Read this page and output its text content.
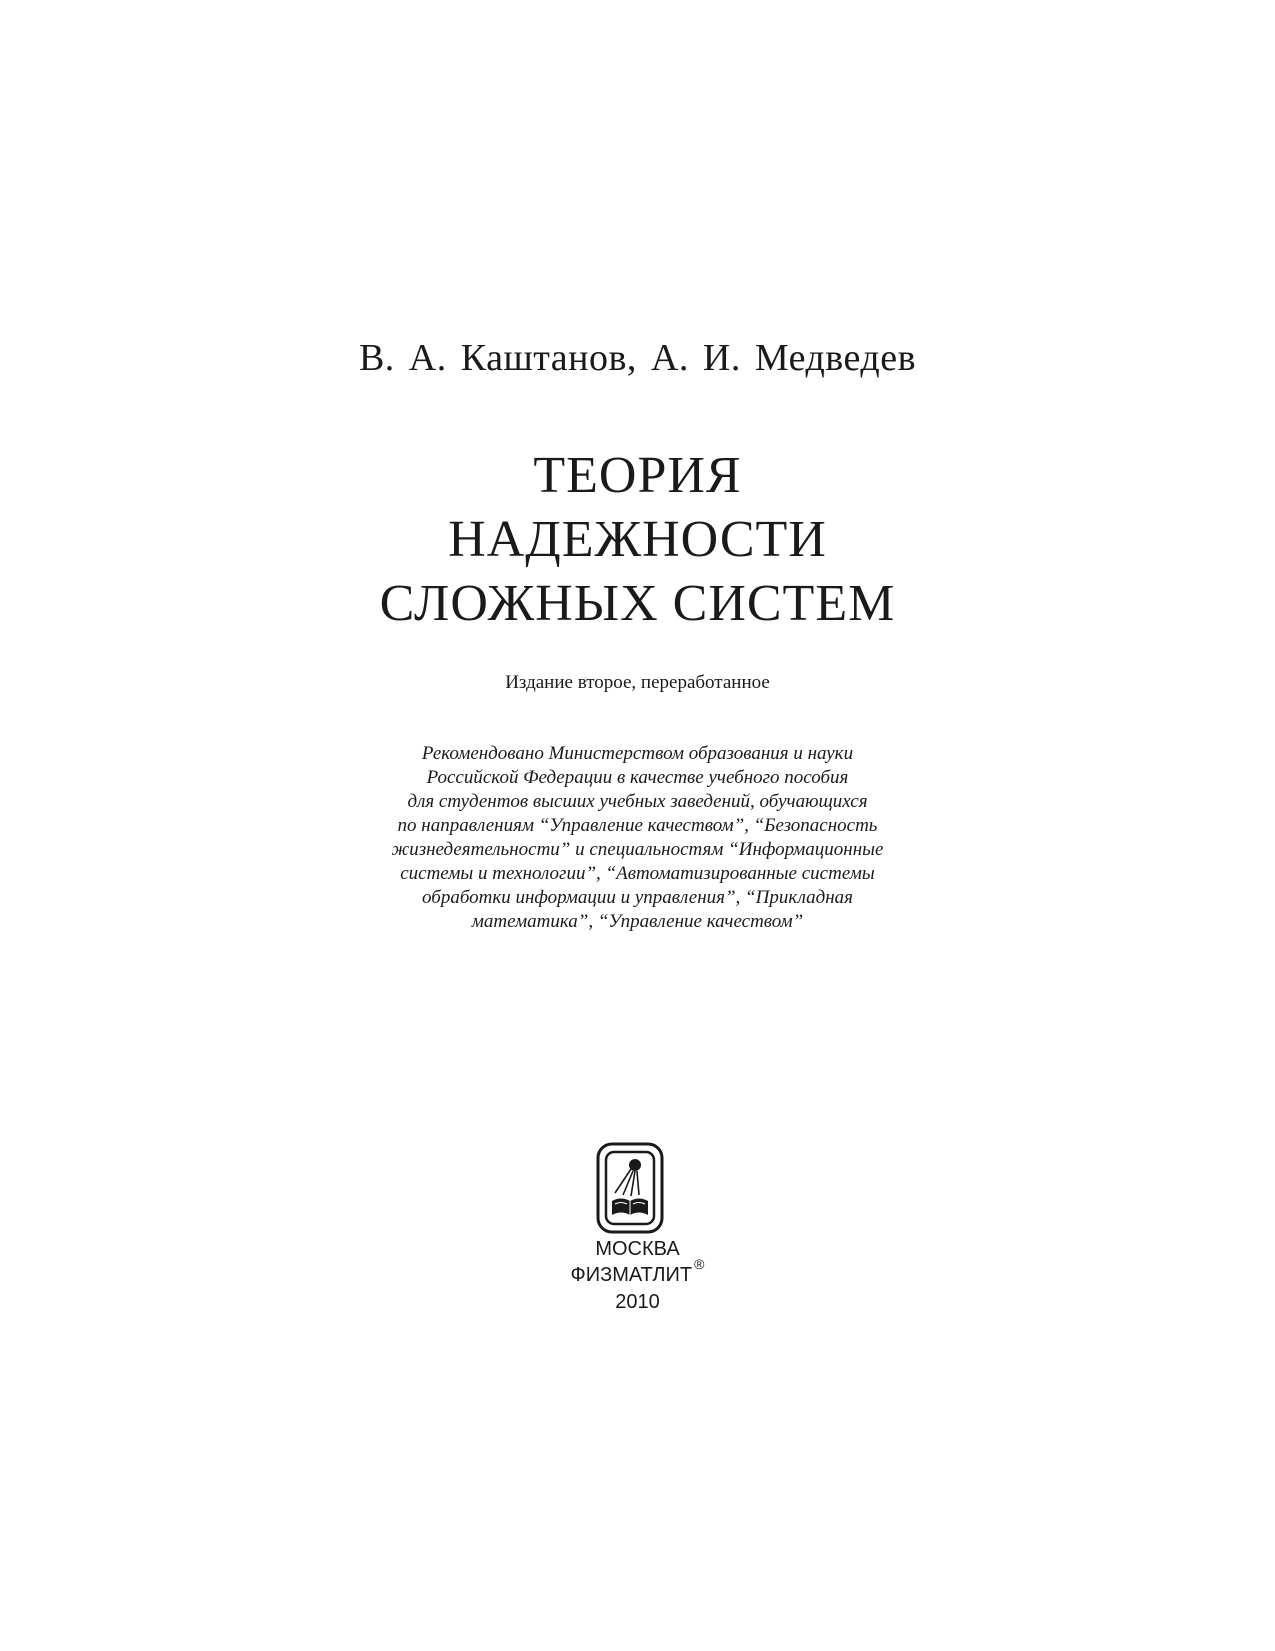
В. А. Каштанов, А. И. Медведев
ТЕОРИЯ
НАДЕЖНОСТИ
СЛОЖНЫХ СИСТЕМ
Издание второе, переработанное
Рекомендовано Министерством образования и науки
Российской Федерации в качестве учебного пособия
для студентов высших учебных заведений, обучающихся
по направлениям “Управление качеством”, “Безопасность
жизнедеятельности” и специальностям “Информационные
системы и технологии”, “Автоматизированные системы
обработки информации и управления”, “Прикладная
математика”, “Управление качеством”
МОСКВА
ФИЗМАТЛИТ ®
2010
